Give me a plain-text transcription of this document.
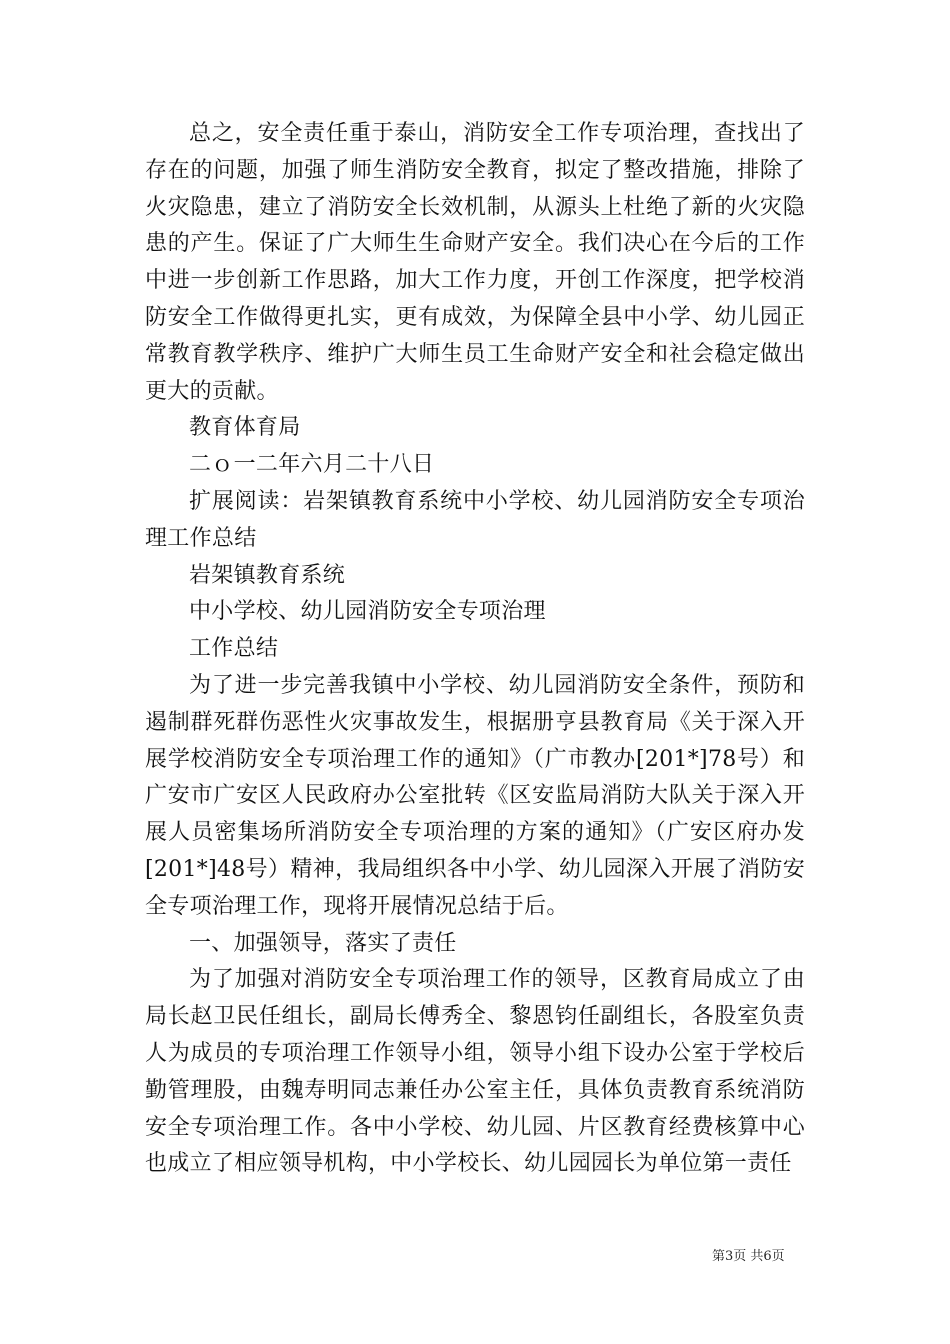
总之，安全责任重于泰山，消防安全工作专项治理，查找出了存在的问题，加强了师生消防安全教育，拟定了整改措施，排除了火灾隐患，建立了消防安全长效机制，从源头上杜绝了新的火灾隐患的产生。保证了广大师生生命财产安全。我们决心在今后的工作中进一步创新工作思路，加大工作力度，开创工作深度，把学校消防安全工作做得更扎实，更有成效，为保障全县中小学、幼儿园正常教育教学秩序、维护广大师生员工生命财产安全和社会稳定做出更大的贡献。

教育体育局

二ｏ一二年六月二十八日

扩展阅读：岩架镇教育系统中小学校、幼儿园消防安全专项治理工作总结

岩架镇教育系统

中小学校、幼儿园消防安全专项治理

工作总结

为了进一步完善我镇中小学校、幼儿园消防安全条件，预防和遏制群死群伤恶性火灾事故发生，根据册亨县教育局《关于深入开展学校消防安全专项治理工作的通知》（广市教办[201*]78号）和广安市广安区人民政府办公室批转《区安监局消防大队关于深入开展人员密集场所消防安全专项治理的方案的通知》（广安区府办发[201*]48号）精神，我局组织各中小学、幼儿园深入开展了消防安全专项治理工作，现将开展情况总结于后。

一、加强领导，落实了责任

为了加强对消防安全专项治理工作的领导，区教育局成立了由局长赵卫民任组长，副局长傅秀全、黎恩钧任副组长，各股室负责人为成员的专项治理工作领导小组，领导小组下设办公室于学校后勤管理股，由魏寿明同志兼任办公室主任，具体负责教育系统消防安全专项治理工作。各中小学校、幼儿园、片区教育经费核算中心也成立了相应领导机构，中小学校长、幼儿园园长为单位第一责任

第3页 共6页
